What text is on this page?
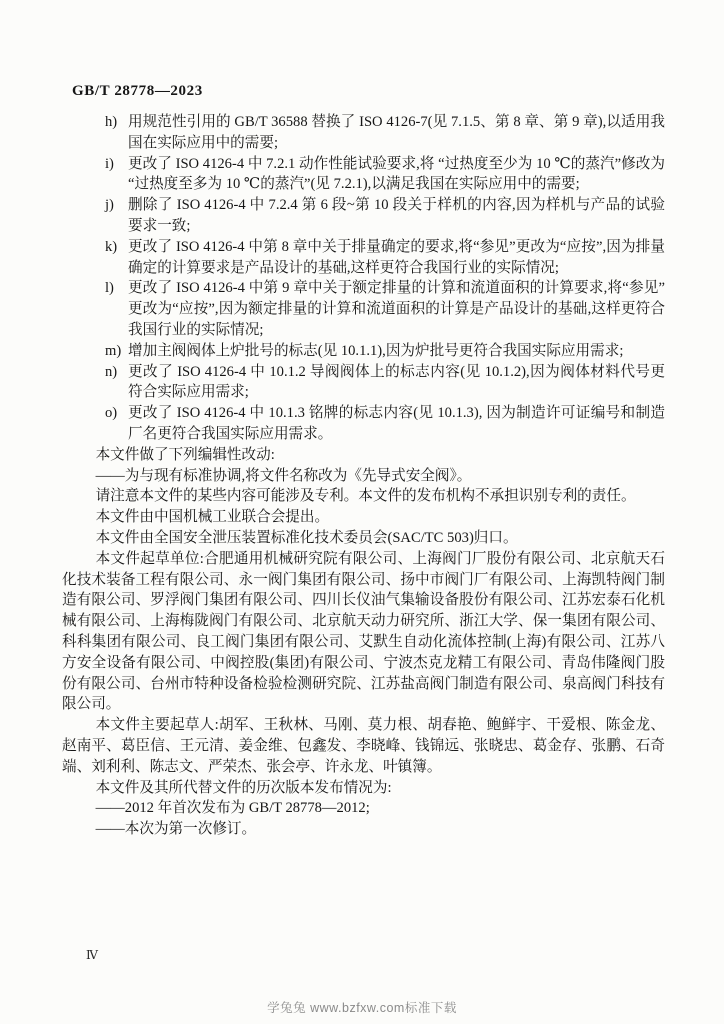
GB/T 28778—2023
h) 用规范性引用的 GB/T 36588 替换了 ISO 4126-7(见 7.1.5、第 8 章、第 9 章),以适用我国在实际应用中的需要;
i) 更改了 ISO 4126-4 中 7.2.1 动作性能试验要求,将 “过热度至少为 10 ℃的蒸汽”修改为“过热度至多为 10 ℃的蒸汽”(见 7.2.1),以满足我国在实际应用中的需要;
j) 删除了 ISO 4126-4 中 7.2.4 第 6 段~第 10 段关于样机的内容,因为样机与产品的试验要求一致;
k) 更改了 ISO 4126-4 中第 8 章中关于排量确定的要求,将“参见”更改为“应按”,因为排量确定的计算要求是产品设计的基础,这样更符合我国行业的实际情况;
l) 更改了 ISO 4126-4 中第 9 章中关于额定排量的计算和流道面积的计算要求,将“参见”更改为“应按”,因为额定排量的计算和流道面积的计算是产品设计的基础,这样更符合我国行业的实际情况;
m) 增加主阀阀体上炉批号的标志(见 10.1.1),因为炉批号更符合我国实际应用需求;
n) 更改了 ISO 4126-4 中 10.1.2 导阀阀体上的标志内容(见 10.1.2),因为阀体材料代号更符合实际应用需求;
o) 更改了 ISO 4126-4 中 10.1.3 铭牌的标志内容(见 10.1.3), 因为制造许可证编号和制造厂名更符合我国实际应用需求。

本文件做了下列编辑性改动:

——为与现有标准协调,将文件名称改为《先导式安全阀》。

请注意本文件的某些内容可能涉及专利。本文件的发布机构不承担识别专利的责任。

本文件由中国机械工业联合会提出。

本文件由全国安全泄压装置标准化技术委员会(SAC/TC 503)归口。

本文件起草单位:合肥通用机械研究院有限公司、上海阀门厂股份有限公司、北京航天石化技术装备工程有限公司、永一阀门集团有限公司、扬中市阀门厂有限公司、上海凯特阀门制造有限公司、罗浮阀门集团有限公司、四川长仪油气集输设备股份有限公司、江苏宏泰石化机械有限公司、上海梅陇阀门有限公司、北京航天动力研究所、浙江大学、保一集团有限公司、科科集团有限公司、良工阀门集团有限公司、艾默生自动化流体控制(上海)有限公司、江苏八方安全设备有限公司、中阀控股(集团)有限公司、宁波杰克龙精工有限公司、青岛伟隆阀门股份有限公司、台州市特种设备检验检测研究院、江苏盐高阀门制造有限公司、泉高阀门科技有限公司。

本文件主要起草人:胡军、王秋林、马刚、莫力根、胡春艳、鲍鲜宇、干爱根、陈金龙、赵南平、葛臣信、王元清、姜金维、包鑫发、李晓峰、钱锦远、张晓忠、葛金存、张鹏、石奇端、刘利利、陈志文、严荣杰、张会亭、许永龙、叶镇簿。

本文件及其所代替文件的历次版本发布情况为:

——2012 年首次发布为 GB/T 28778—2012;

——本次为第一次修订。

Ⅳ
学兔兔 www.bzfxw.com标准下载
